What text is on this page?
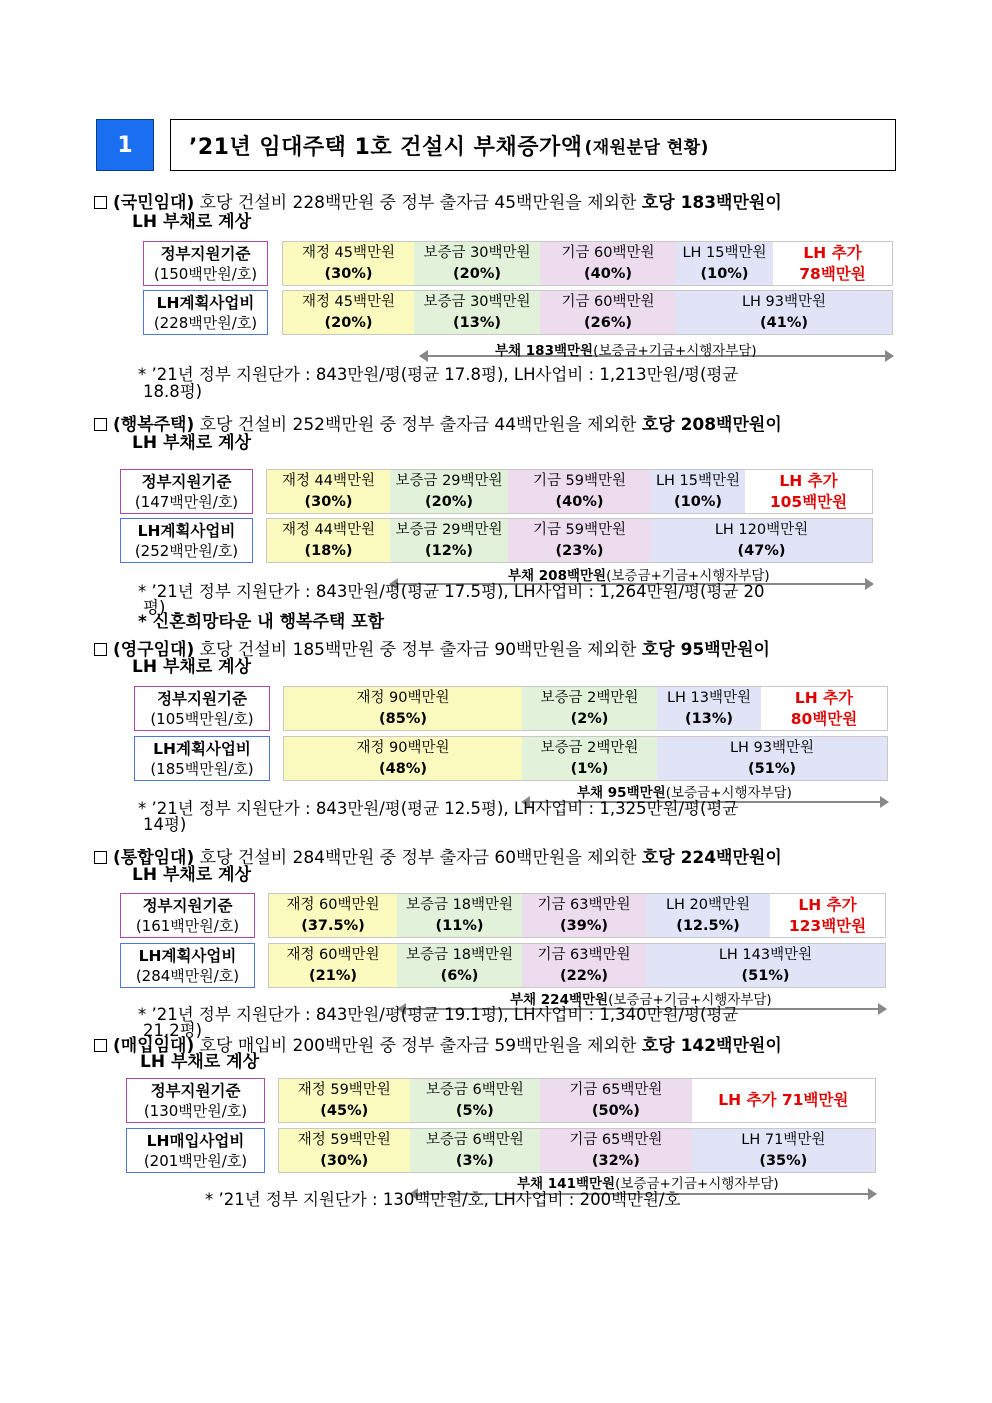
1	’21년 임대주택 1호 건설시 부채증가액 (재원분담 현황)
(국민임대) 호당 건설비 228백만원 중 정부 출자금 45백만원을 제외한 호당 183백만원이
LH 부채로 계상
정부지원기준
(150백만원/호)
재정 45백만원
(30%)
보증금 30백만원
(20%)
기금 60백만원
(40%)
LH 15백만원
(10%)
LH 추가
78백만원
LH계획사업비
(228백만원/호)
재정 45백만원
(20%)
보증금 30백만원
(13%)
기금 60백만원
(26%)
LH 93백만원
(41%)
부채 183백만원(보증금+기금+시행자부담)
* ’21년 정부 지원단가 : 843만원/평(평균 17.8평), LH사업비 : 1,213만원/평(평균
18.8평)
(행복주택) 호당 건설비 252백만원 중 정부 출자금 44백만원을 제외한 호당 208백만원이
LH 부채로 계상
정부지원기준
(147백만원/호)
재정 44백만원
(30%)
보증금 29백만원
(20%)
기금 59백만원
(40%)
LH 15백만원
(10%)
LH 추가
105백만원
LH계획사업비
(252백만원/호)
재정 44백만원
(18%)
보증금 29백만원
(12%)
기금 59백만원
(23%)
LH 120백만원
(47%)
부채 208백만원(보증금+기금+시행자부담)
* ’21년 정부 지원단가 : 843만원/평(평균 17.5평), LH사업비 : 1,264만원/평(평균 20
평)
* 신혼희망타운 내 행복주택 포함
(영구임대) 호당 건설비 185백만원 중 정부 출자금 90백만원을 제외한 호당 95백만원이
LH 부채로 계상
정부지원기준
(105백만원/호)
재정 90백만원
(85%)
보증금 2백만원
(2%)
LH 13백만원
(13%)
LH 추가
80백만원
LH계획사업비
(185백만원/호)
재정 90백만원
(48%)
보증금 2백만원
(1%)
LH 93백만원
(51%)
부채 95백만원(보증금+시행자부담)
* ’21년 정부 지원단가 : 843만원/평(평균 12.5평), LH사업비 : 1,325만원/평(평균
14평)
(통합임대) 호당 건설비 284백만원 중 정부 출자금 60백만원을 제외한 호당 224백만원이
LH 부채로 계상
정부지원기준
(161백만원/호)
재정 60백만원
(37.5%)
보증금 18백만원
(11%)
기금 63백만원
(39%)
LH 20백만원
(12.5%)
LH 추가
123백만원
LH계획사업비
(284백만원/호)
재정 60백만원
(21%)
보증금 18백만원
(6%)
기금 63백만원
(22%)
LH 143백만원
(51%)
부채 224백만원(보증금+기금+시행자부담)
* ’21년 정부 지원단가 : 843만원/평(평균 19.1평), LH사업비 : 1,340만원/평(평균
21.2평)
(매입임대) 호당 매입비 200백만원 중 정부 출자금 59백만원을 제외한 호당 142백만원이
LH 부채로 계상
정부지원기준
(130백만원/호)
재정 59백만원
(45%)
보증금 6백만원
(5%)
기금 65백만원
(50%)
LH 추가 71백만원
LH매입사업비
(201백만원/호)
재정 59백만원
(30%)
보증금 6백만원
(3%)
기금 65백만원
(32%)
LH 71백만원
(35%)
부채 141백만원(보증금+기금+시행자부담)
* ’21년 정부 지원단가 : 130백만원/호, LH사업비 : 200백만원/호
